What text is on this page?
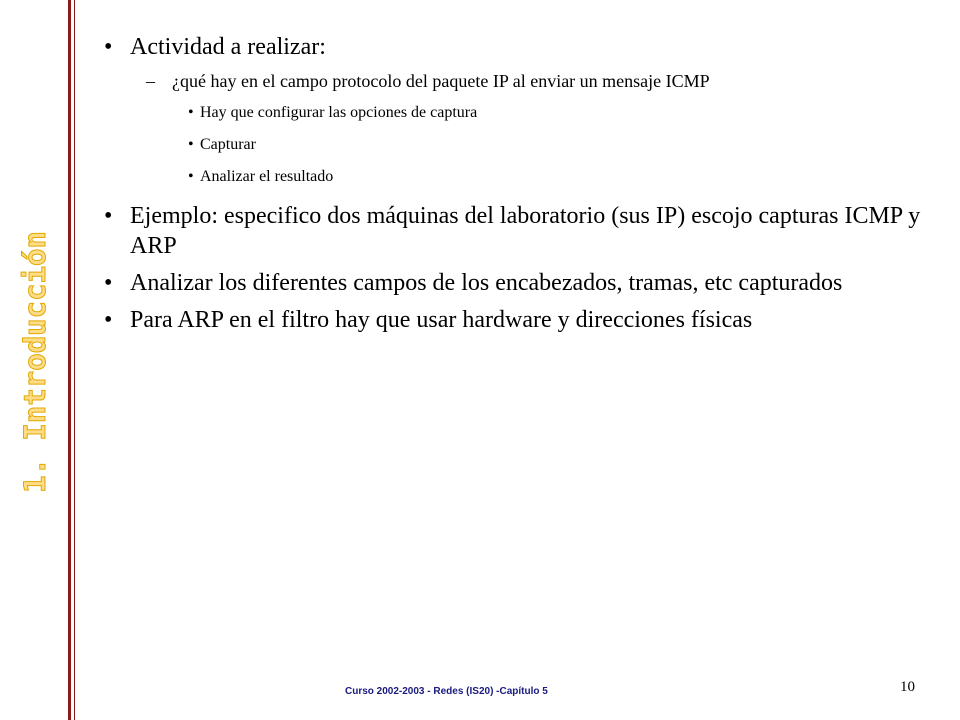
1. Introducción
• Actividad a realizar:
– ¿qué hay en el campo protocolo del paquete IP al enviar un mensaje ICMP
• Hay que configurar las opciones de captura
• Capturar
• Analizar el resultado
• Ejemplo: especifico dos máquinas del laboratorio (sus IP) escojo capturas ICMP y ARP
• Analizar los diferentes campos de los encabezados, tramas, etc capturados
• Para ARP en el filtro hay que usar hardware y direcciones físicas
Curso 2002-2003 - Redes (IS20) -Capítulo 5	10
